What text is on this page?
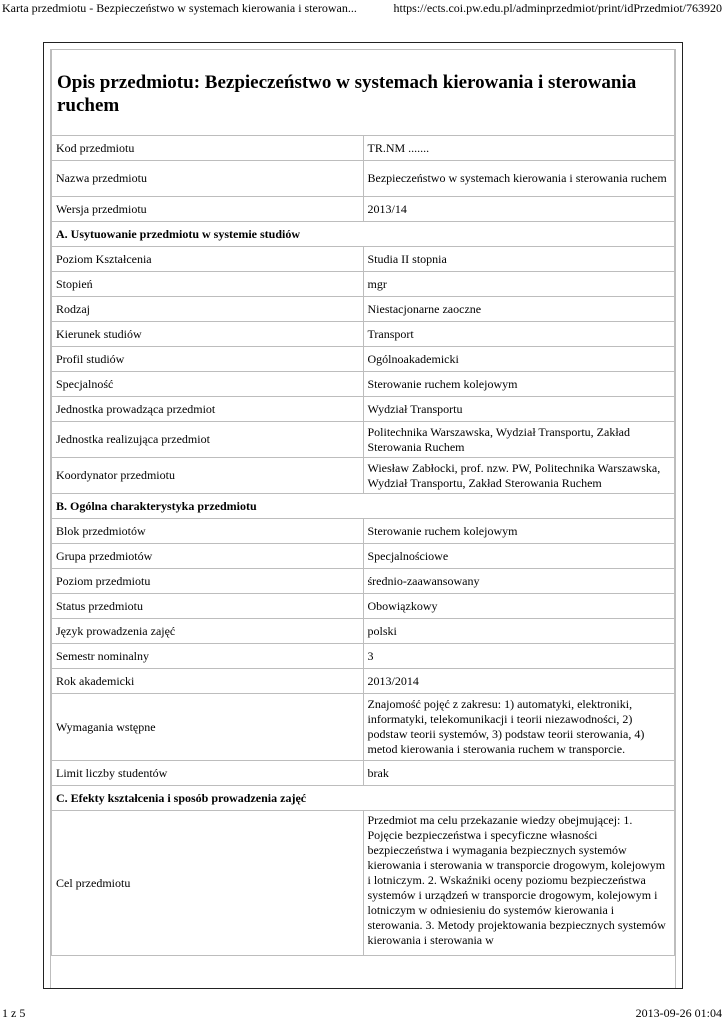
Karta przedmiotu - Bezpieczeństwo w systemach kierowania i sterowan...	https://ects.coi.pw.edu.pl/adminprzedmiot/print/idPrzedmiot/763920
Opis przedmiotu: Bezpieczeństwo w systemach kierowania i sterowania ruchem	
Kod przedmiotu	TR.NM .......
Nazwa przedmiotu	Bezpieczeństwo w systemach kierowania i sterowania ruchem
Wersja przedmiotu	2013/14
A. Usytuowanie przedmiotu w systemie studiów	
Poziom Kształcenia	Studia II stopnia
Stopień	mgr
Rodzaj	Niestacjonarne zaoczne
Kierunek studiów	Transport
Profil studiów	Ogólnoakademicki
Specjalność	Sterowanie ruchem kolejowym
Jednostka prowadząca przedmiot	Wydział Transportu
Jednostka realizująca przedmiot	Politechnika Warszawska, Wydział Transportu, Zakład Sterowania Ruchem
Koordynator przedmiotu	Wiesław Zabłocki, prof. nzw. PW, Politechnika Warszawska, Wydział Transportu, Zakład Sterowania Ruchem
B. Ogólna charakterystyka przedmiotu	
Blok przedmiotów	Sterowanie ruchem kolejowym
Grupa przedmiotów	Specjalnościowe
Poziom przedmiotu	średnio-zaawansowany
Status przedmiotu	Obowiązkowy
Język prowadzenia zajęć	polski
Semestr nominalny	3
Rok akademicki	2013/2014
Wymagania wstępne	Znajomość pojęć z zakresu: 1) automatyki, elektroniki, informatyki, telekomunikacji i teorii niezawodności, 2) podstaw teorii systemów, 3) podstaw teorii sterowania, 4) metod kierowania i sterowania ruchem w transporcie.
Limit liczby studentów	brak
C. Efekty kształcenia i sposób prowadzenia zajęć	
Cel przedmiotu	Przedmiot ma celu przekazanie wiedzy obejmującej: 1. Pojęcie bezpieczeństwa i specyficzne własności bezpieczeństwa i wymagania bezpiecznych systemów kierowania i sterowania w transporcie drogowym, kolejowym i lotniczym. 2. Wskaźniki oceny poziomu bezpieczeństwa systemów i urządzeń w transporcie drogowym, kolejowym i lotniczym w odniesieniu do systemów kierowania i sterowania. 3. Metody projektowania bezpiecznych systemów kierowania i sterowania w
1 z 5	2013-09-26 01:04
